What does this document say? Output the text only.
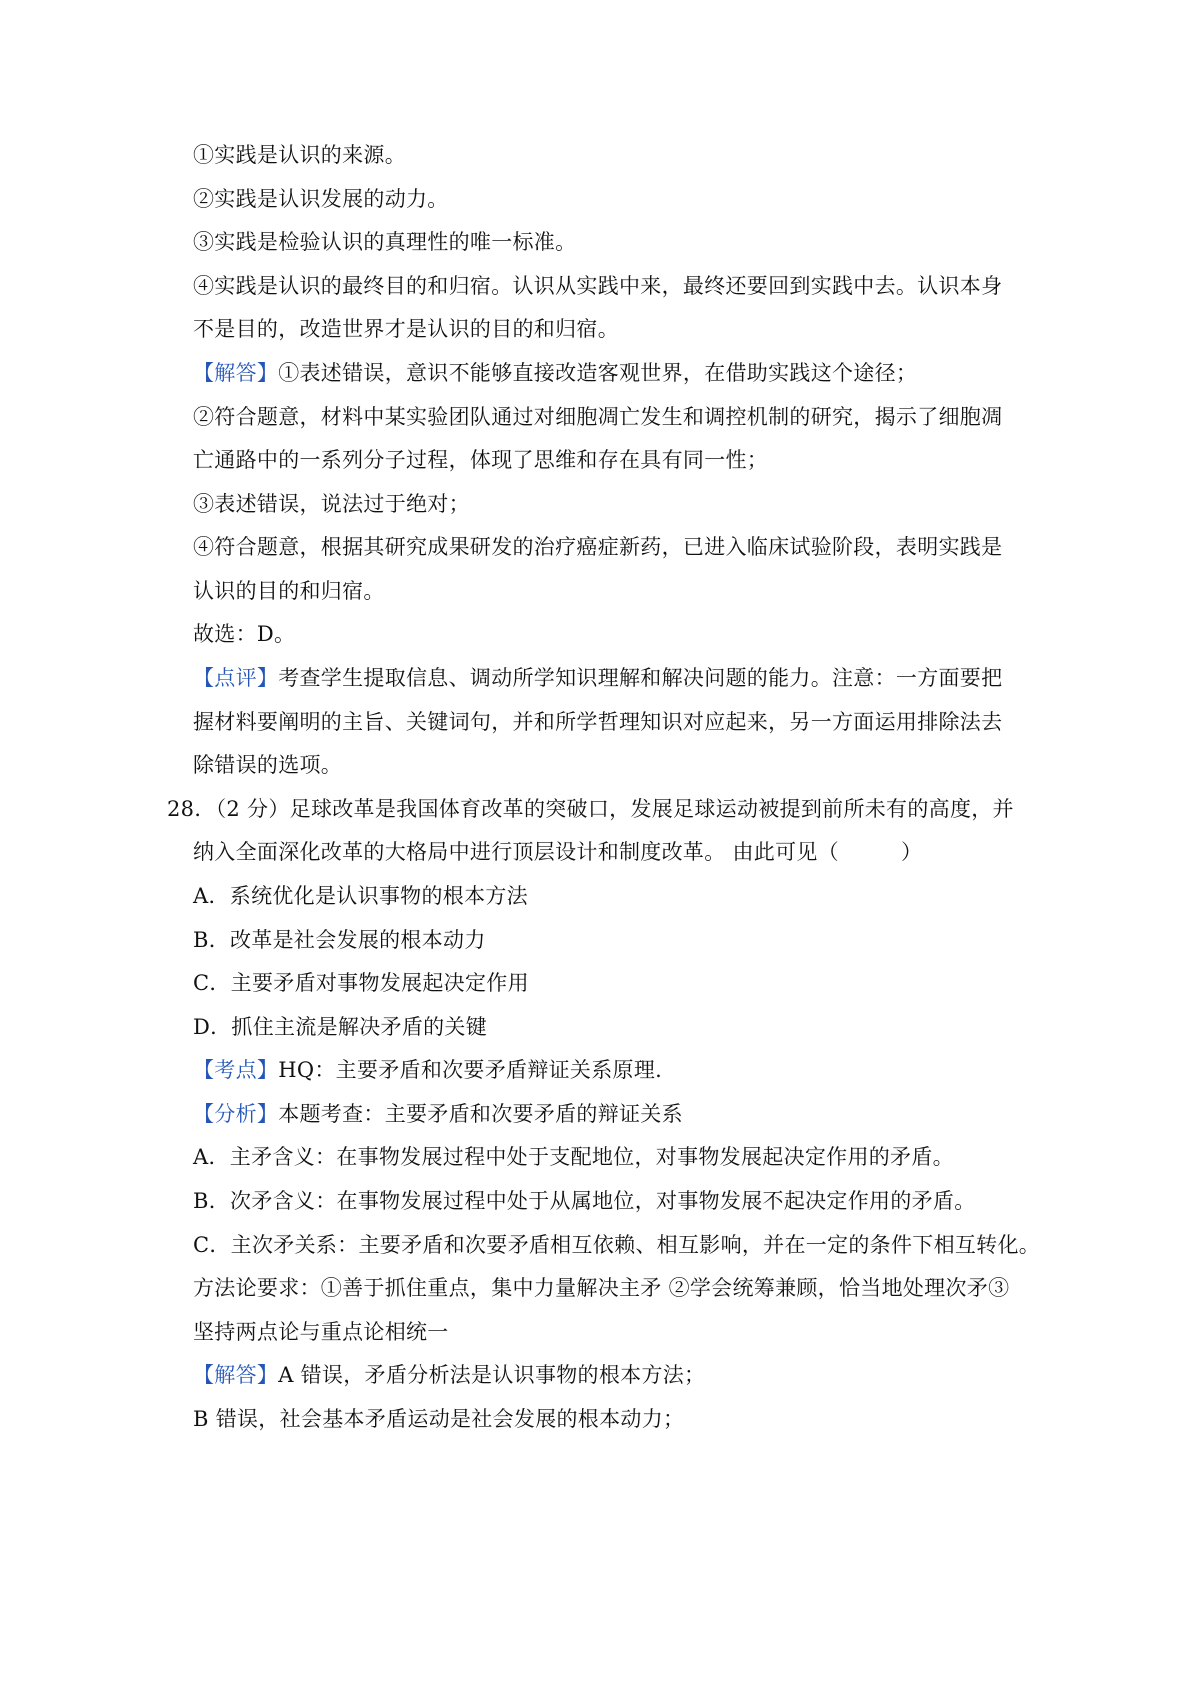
①实践是认识的来源。
②实践是认识发展的动力。
③实践是检验认识的真理性的唯一标准。
④实践是认识的最终目的和归宿。认识从实践中来，最终还要回到实践中去。认识本身
不是目的，改造世界才是认识的目的和归宿。
【解答】①表述错误，意识不能够直接改造客观世界，在借助实践这个途径；
②符合题意，材料中某实验团队通过对细胞凋亡发生和调控机制的研究，揭示了细胞凋
亡通路中的一系列分子过程，体现了思维和存在具有同一性；
③表述错误，说法过于绝对；
④符合题意，根据其研究成果研发的治疗癌症新药，已进入临床试验阶段，表明实践是
认识的目的和归宿。
故选：D。
【点评】考查学生提取信息、调动所学知识理解和解决问题的能力。注意：一方面要把
握材料要阐明的主旨、关键词句，并和所学哲理知识对应起来，另一方面运用排除法去
除错误的选项。
28．（2 分）足球改革是我国体育改革的突破口，发展足球运动被提到前所未有的高度，并
纳入全面深化改革的大格局中进行顶层设计和制度改革。 由此可见（	）
A．系统优化是认识事物的根本方法
B．改革是社会发展的根本动力
C．主要矛盾对事物发展起决定作用
D．抓住主流是解决矛盾的关键
【考点】HQ：主要矛盾和次要矛盾辩证关系原理.
【分析】本题考查：主要矛盾和次要矛盾的辩证关系
A．主矛含义：在事物发展过程中处于支配地位，对事物发展起决定作用的矛盾。
B．次矛含义：在事物发展过程中处于从属地位，对事物发展不起决定作用的矛盾。
C．主次矛关系：主要矛盾和次要矛盾相互依赖、相互影响，并在一定的条件下相互转化。
方法论要求：①善于抓住重点，集中力量解决主矛 ②学会统筹兼顾，恰当地处理次矛③
坚持两点论与重点论相统一
【解答】A 错误，矛盾分析法是认识事物的根本方法；
B 错误，社会基本矛盾运动是社会发展的根本动力；
